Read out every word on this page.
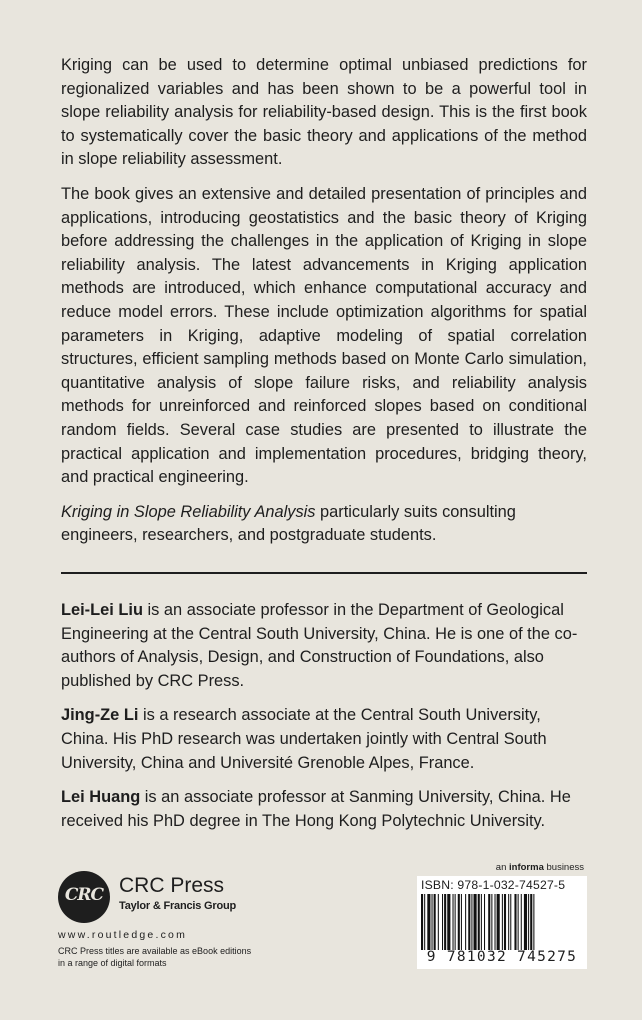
Kriging can be used to determine optimal unbiased predictions for regionalized variables and has been shown to be a powerful tool in slope reliability analysis for reliability-based design. This is the first book to systematically cover the basic theory and applications of the method in slope reliability assessment.

The book gives an extensive and detailed presentation of principles and applications, introducing geostatistics and the basic theory of Kriging before addressing the challenges in the application of Kriging in slope reliability analysis. The latest advancements in Kriging application methods are introduced, which enhance computational accuracy and reduce model errors. These include optimization algorithms for spatial parameters in Kriging, adaptive modeling of spatial correlation structures, efficient sampling methods based on Monte Carlo simulation, quantitative analysis of slope failure risks, and reliability analysis methods for unreinforced and reinforced slopes based on conditional random fields. Several case studies are presented to illustrate the practical application and implementation procedures, bridging theory, and practical engineering.

Kriging in Slope Reliability Analysis particularly suits consulting engineers, researchers, and postgraduate students.

Lei-Lei Liu is an associate professor in the Department of Geological Engineering at the Central South University, China. He is one of the co-authors of Analysis, Design, and Construction of Foundations, also published by CRC Press.

Jing-Ze Li is a research associate at the Central South University, China. His PhD research was undertaken jointly with Central South University, China and Université Grenoble Alpes, France.

Lei Huang is an associate professor at Sanming University, China. He received his PhD degree in The Hong Kong Polytechnic University.

CRC CRC Press
Taylor & Francis Group
www.routledge.com
CRC Press titles are available as eBook editions in a range of digital formats
an informa business
ISBN: 978-1-032-74527-5
9 781032 745275
